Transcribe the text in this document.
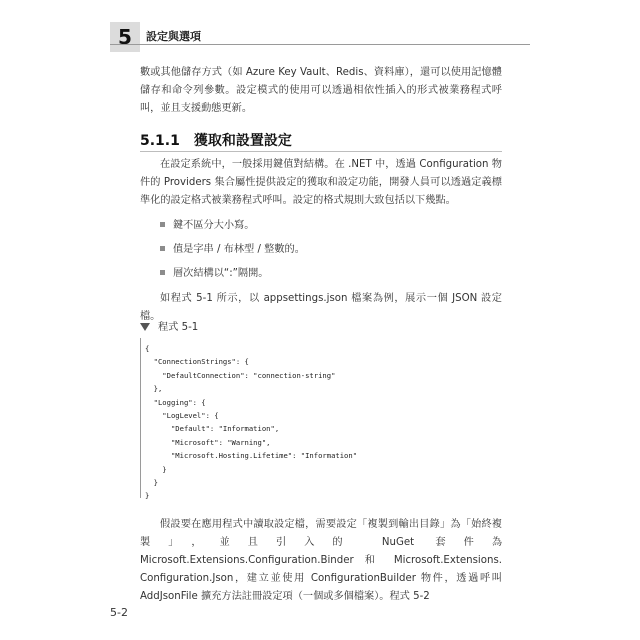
5	設定與選項
數或其他儲存方式（如 Azure Key Vault、Redis、資料庫），還可以使用記憶體儲存和命令列參數。設定模式的使用可以透過相依性插入的形式被業務程式呼叫，並且支援動態更新。
5.1.1　獲取和設置設定
在設定系統中，一般採用鍵值對結構。在 .NET 中，透過 Configuration 物件的 Providers 集合屬性提供設定的獲取和設定功能，開發人員可以透過定義標準化的設定格式被業務程式呼叫。設定的格式規則大致包括以下幾點。
鍵不區分大小寫。
值是字串 / 布林型 / 整數的。
層次結構以“:”隔開。
如程式 5-1 所示，以 appsettings.json 檔案為例，展示一個 JSON 設定檔。
程式 5-1
{
"ConnectionStrings": {
"DefaultConnection": "connection-string"
},
"Logging": {
"LogLevel": {
"Default": "Information",
"Microsoft": "Warning",
"Microsoft.Hosting.Lifetime": "Information"
}
}
}
假設要在應用程式中讀取設定檔，需要設定「複製到輸出目錄」為「始終複製」，並且引入的 NuGet 套件為 Microsoft.Extensions.Configuration.Binder 和 Microsoft.Extensions. Configuration.Json，建立並使用 ConfigurationBuilder 物件，透過呼叫 AddJsonFile 擴充方法註冊設定項（一個或多個檔案）。程式 5-2
5-2
